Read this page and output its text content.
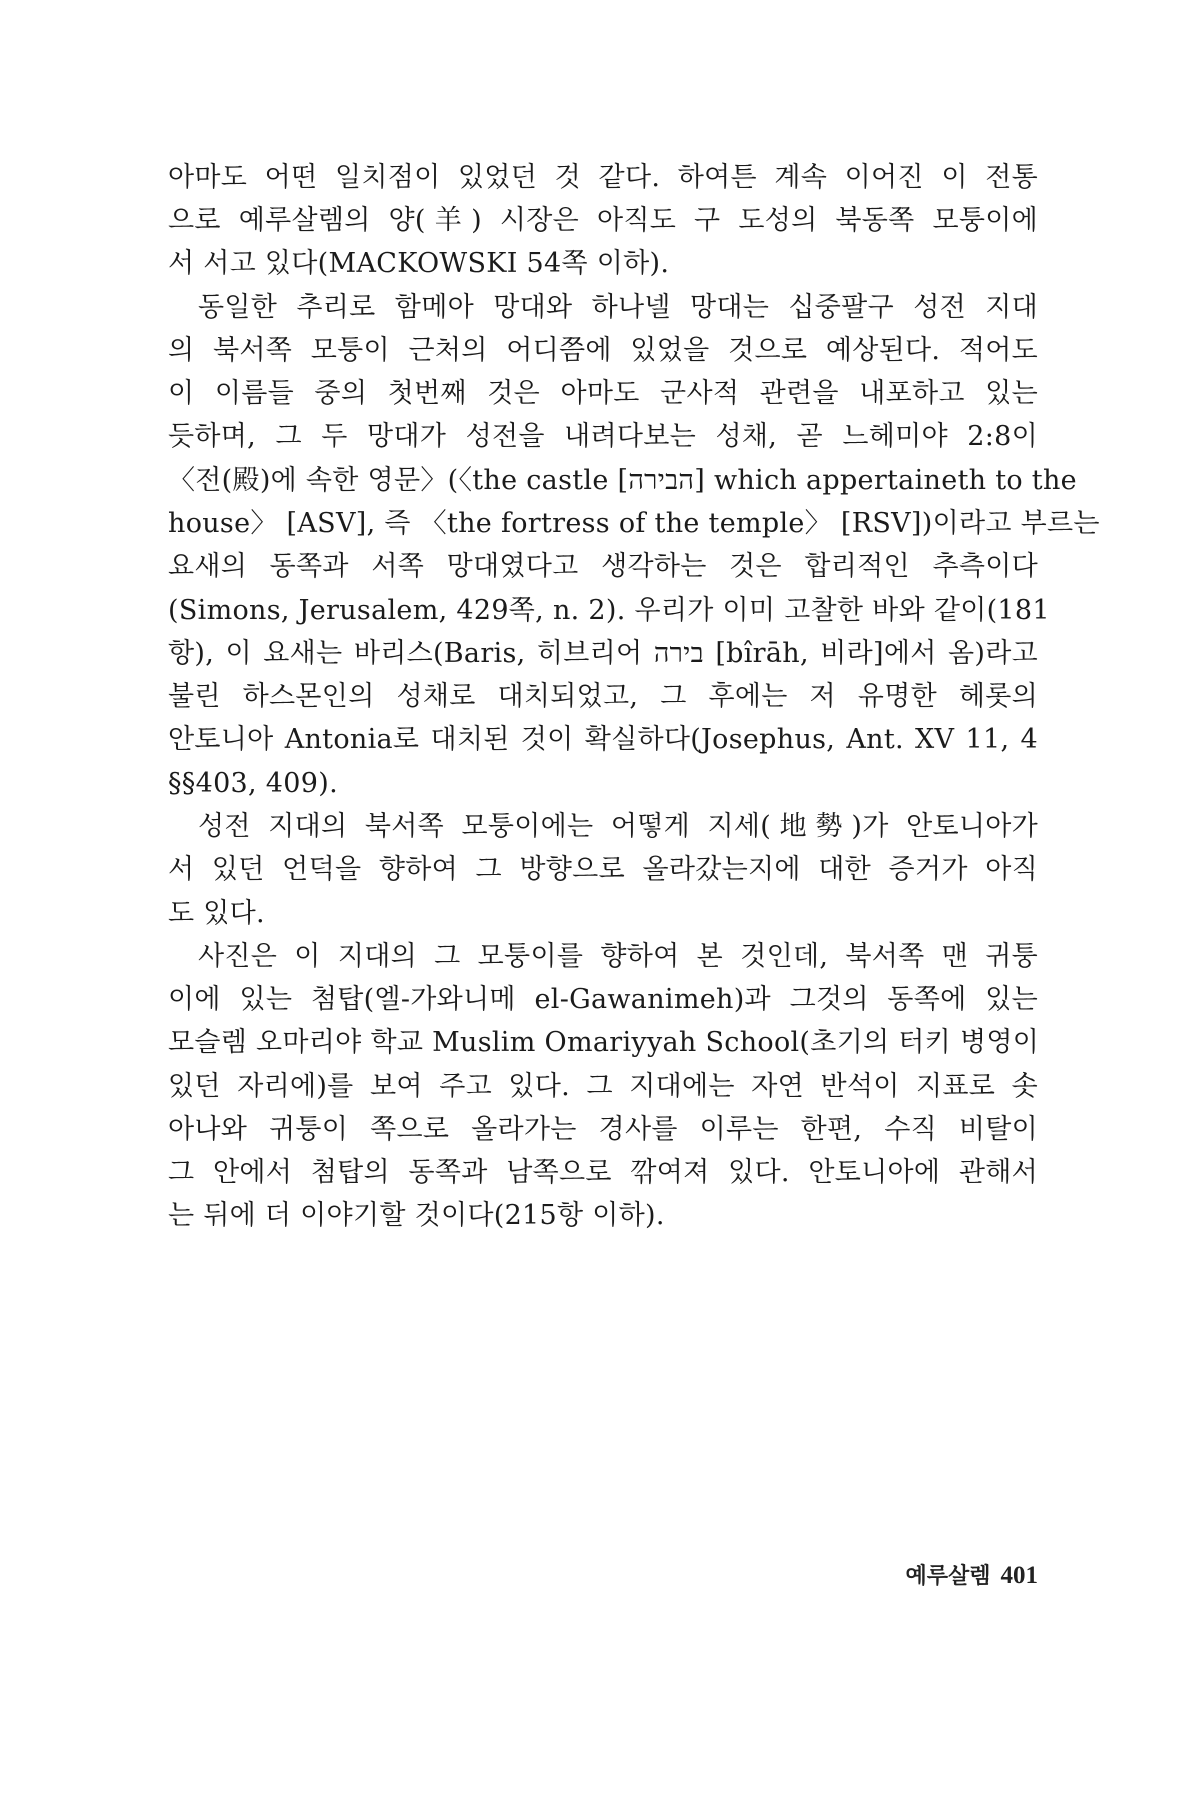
아마도 어떤 일치점이 있었던 것 같다. 하여튼 계속 이어진 이 전통
으로 예루살렘의 양(羊) 시장은 아직도 구 도성의 북동쪽 모퉁이에
서 서고 있다(MACKOWSKI 54쪽 이하).
동일한 추리로 함메아 망대와 하나넬 망대는 십중팔구 성전 지대
의 북서쪽 모퉁이 근처의 어디쯤에 있었을 것으로 예상된다. 적어도
이 이름들 중의 첫번째 것은 아마도 군사적 관련을 내포하고 있는
듯하며, 그 두 망대가 성전을 내려다보는 성채, 곧 느헤미야 2:8이
〈전(殿)에 속한 영문〉(〈the castle [הבירה] which appertaineth to the
house〉 [ASV], 즉 〈the fortress of the temple〉 [RSV])이라고 부르는
요새의 동쪽과 서쪽 망대였다고 생각하는 것은 합리적인 추측이다
(Simons, Jerusalem, 429쪽, n. 2). 우리가 이미 고찰한 바와 같이(181
항), 이 요새는 바리스(Baris, 히브리어 בירה [bîrāh, 비라]에서 옴)라고
불린 하스몬인의 성채로 대치되었고, 그 후에는 저 유명한 헤롯의
안토니아 Antonia로 대치된 것이 확실하다(Josephus, Ant. XV 11, 4
§§403, 409).
성전 지대의 북서쪽 모퉁이에는 어떻게 지세(地勢)가 안토니아가
서 있던 언덕을 향하여 그 방향으로 올라갔는지에 대한 증거가 아직
도 있다.
사진은 이 지대의 그 모퉁이를 향하여 본 것인데, 북서쪽 맨 귀퉁
이에 있는 첨탑(엘-가와니메 el-Gawanimeh)과 그것의 동쪽에 있는
모슬렘 오마리야 학교 Muslim Omariyyah School(초기의 터키 병영이
있던 자리에)를 보여 주고 있다. 그 지대에는 자연 반석이 지표로 솟
아나와 귀퉁이 쪽으로 올라가는 경사를 이루는 한편, 수직 비탈이
그 안에서 첨탑의 동쪽과 남쪽으로 깎여져 있다. 안토니아에 관해서
는 뒤에 더 이야기할 것이다(215항 이하).
예루살렘 401
